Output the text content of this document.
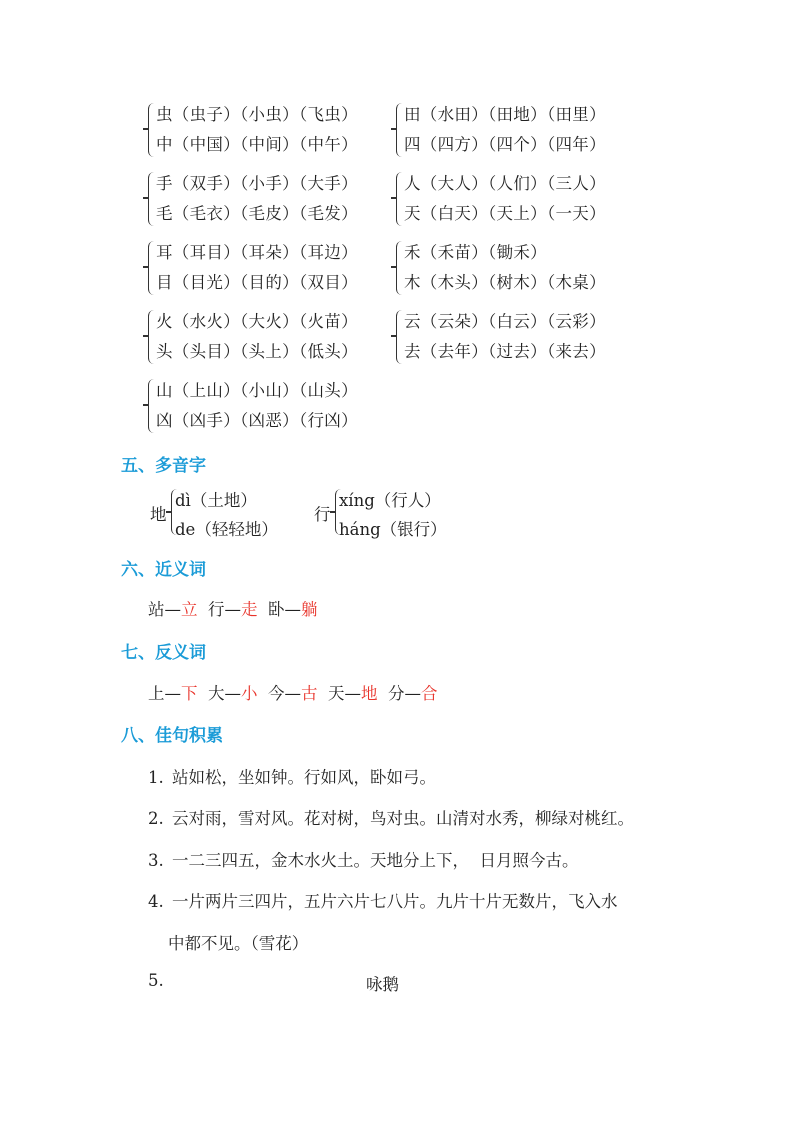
虫（虫子）（小虫）（飞虫）
中（中国）（中间）（中午）
田（水田）（田地）（田里）
四（四方）（四个）（四年）
手（双手）（小手）（大手）
毛（毛衣）（毛皮）（毛发）
人（大人）（人们）（三人）
天（白天）（天上）（一天）
耳（耳目）（耳朵）（耳边）
目（目光）（目的）（双目）
禾（禾苗）（锄禾）
木（木头）（树木）（木桌）
火（水火）（大火）（火苗）
头（头目）（头上）（低头）
云（云朵）（白云）（云彩）
去（去年）（过去）（来去）
山（上山）（小山）（山头）
凶（凶手）（凶恶）（行凶）
五、多音字
地
dì（土地）
de（轻轻地）
行
xíng（行人）
háng（银行）
六、近义词
站—立 行—走 卧—躺
七、反义词
上—下 大—小 今—古 天—地 分—合
八、佳句积累
1. 站如松，坐如钟。行如风，卧如弓。
2. 云对雨，雪对风。花对树，鸟对虫。山清对水秀，柳绿对桃红。
3. 一二三四五，金木水火土。天地分上下，  日月照今古。
4. 一片两片三四片，五片六片七八片。九片十片无数片，飞入水
中都不见。（雪花）
5.	咏鹅
